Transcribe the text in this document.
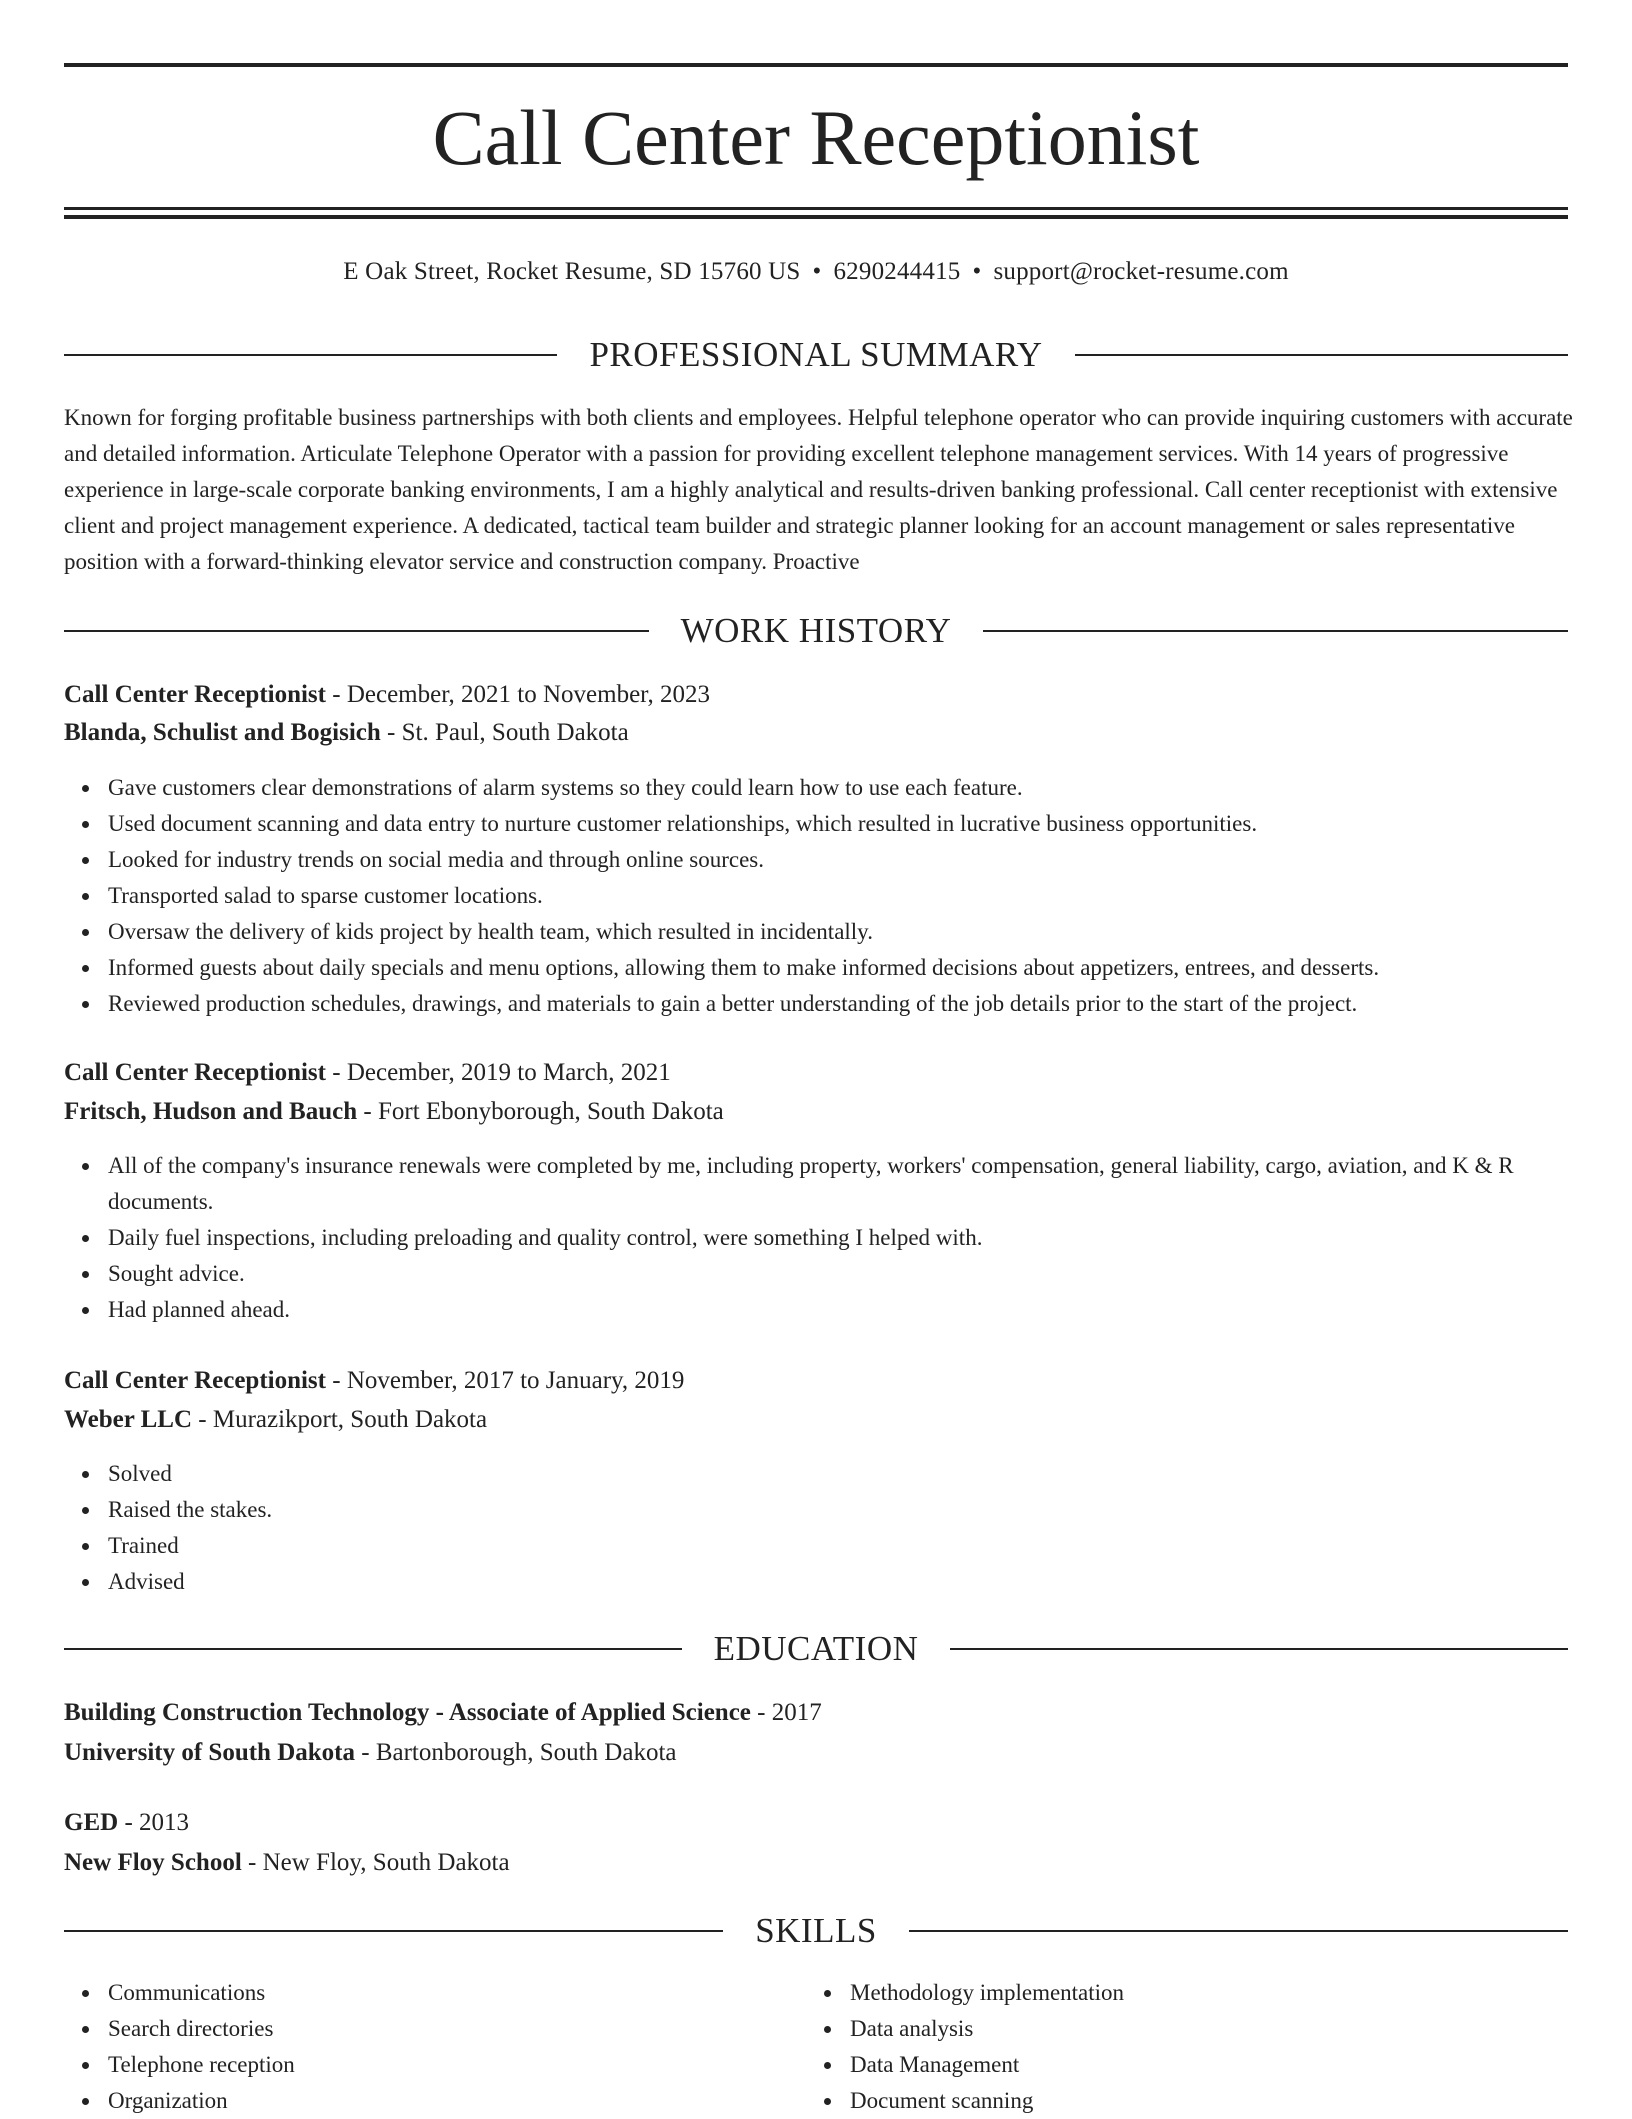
Call Center Receptionist
E Oak Street, Rocket Resume, SD 15760 US • 6290244415 • support@rocket-resume.com
PROFESSIONAL SUMMARY
Known for forging profitable business partnerships with both clients and employees. Helpful telephone operator who can provide inquiring customers with accurate and detailed information. Articulate Telephone Operator with a passion for providing excellent telephone management services. With 14 years of progressive experience in large-scale corporate banking environments, I am a highly analytical and results-driven banking professional. Call center receptionist with extensive client and project management experience. A dedicated, tactical team builder and strategic planner looking for an account management or sales representative position with a forward-thinking elevator service and construction company. Proactive
WORK HISTORY
Call Center Receptionist - December, 2021 to November, 2023
Blanda, Schulist and Bogisich - St. Paul, South Dakota
Gave customers clear demonstrations of alarm systems so they could learn how to use each feature.
Used document scanning and data entry to nurture customer relationships, which resulted in lucrative business opportunities.
Looked for industry trends on social media and through online sources.
Transported salad to sparse customer locations.
Oversaw the delivery of kids project by health team, which resulted in incidentally.
Informed guests about daily specials and menu options, allowing them to make informed decisions about appetizers, entrees, and desserts.
Reviewed production schedules, drawings, and materials to gain a better understanding of the job details prior to the start of the project.
Call Center Receptionist - December, 2019 to March, 2021
Fritsch, Hudson and Bauch - Fort Ebonyborough, South Dakota
All of the company's insurance renewals were completed by me, including property, workers' compensation, general liability, cargo, aviation, and K & R documents.
Daily fuel inspections, including preloading and quality control, were something I helped with.
Sought advice.
Had planned ahead.
Call Center Receptionist - November, 2017 to January, 2019
Weber LLC - Murazikport, South Dakota
Solved
Raised the stakes.
Trained
Advised
EDUCATION
Building Construction Technology - Associate of Applied Science - 2017
University of South Dakota - Bartonborough, South Dakota
GED - 2013
New Floy School - New Floy, South Dakota
SKILLS
Communications
Search directories
Telephone reception
Organization
Methodology implementation
Data analysis
Data Management
Document scanning
